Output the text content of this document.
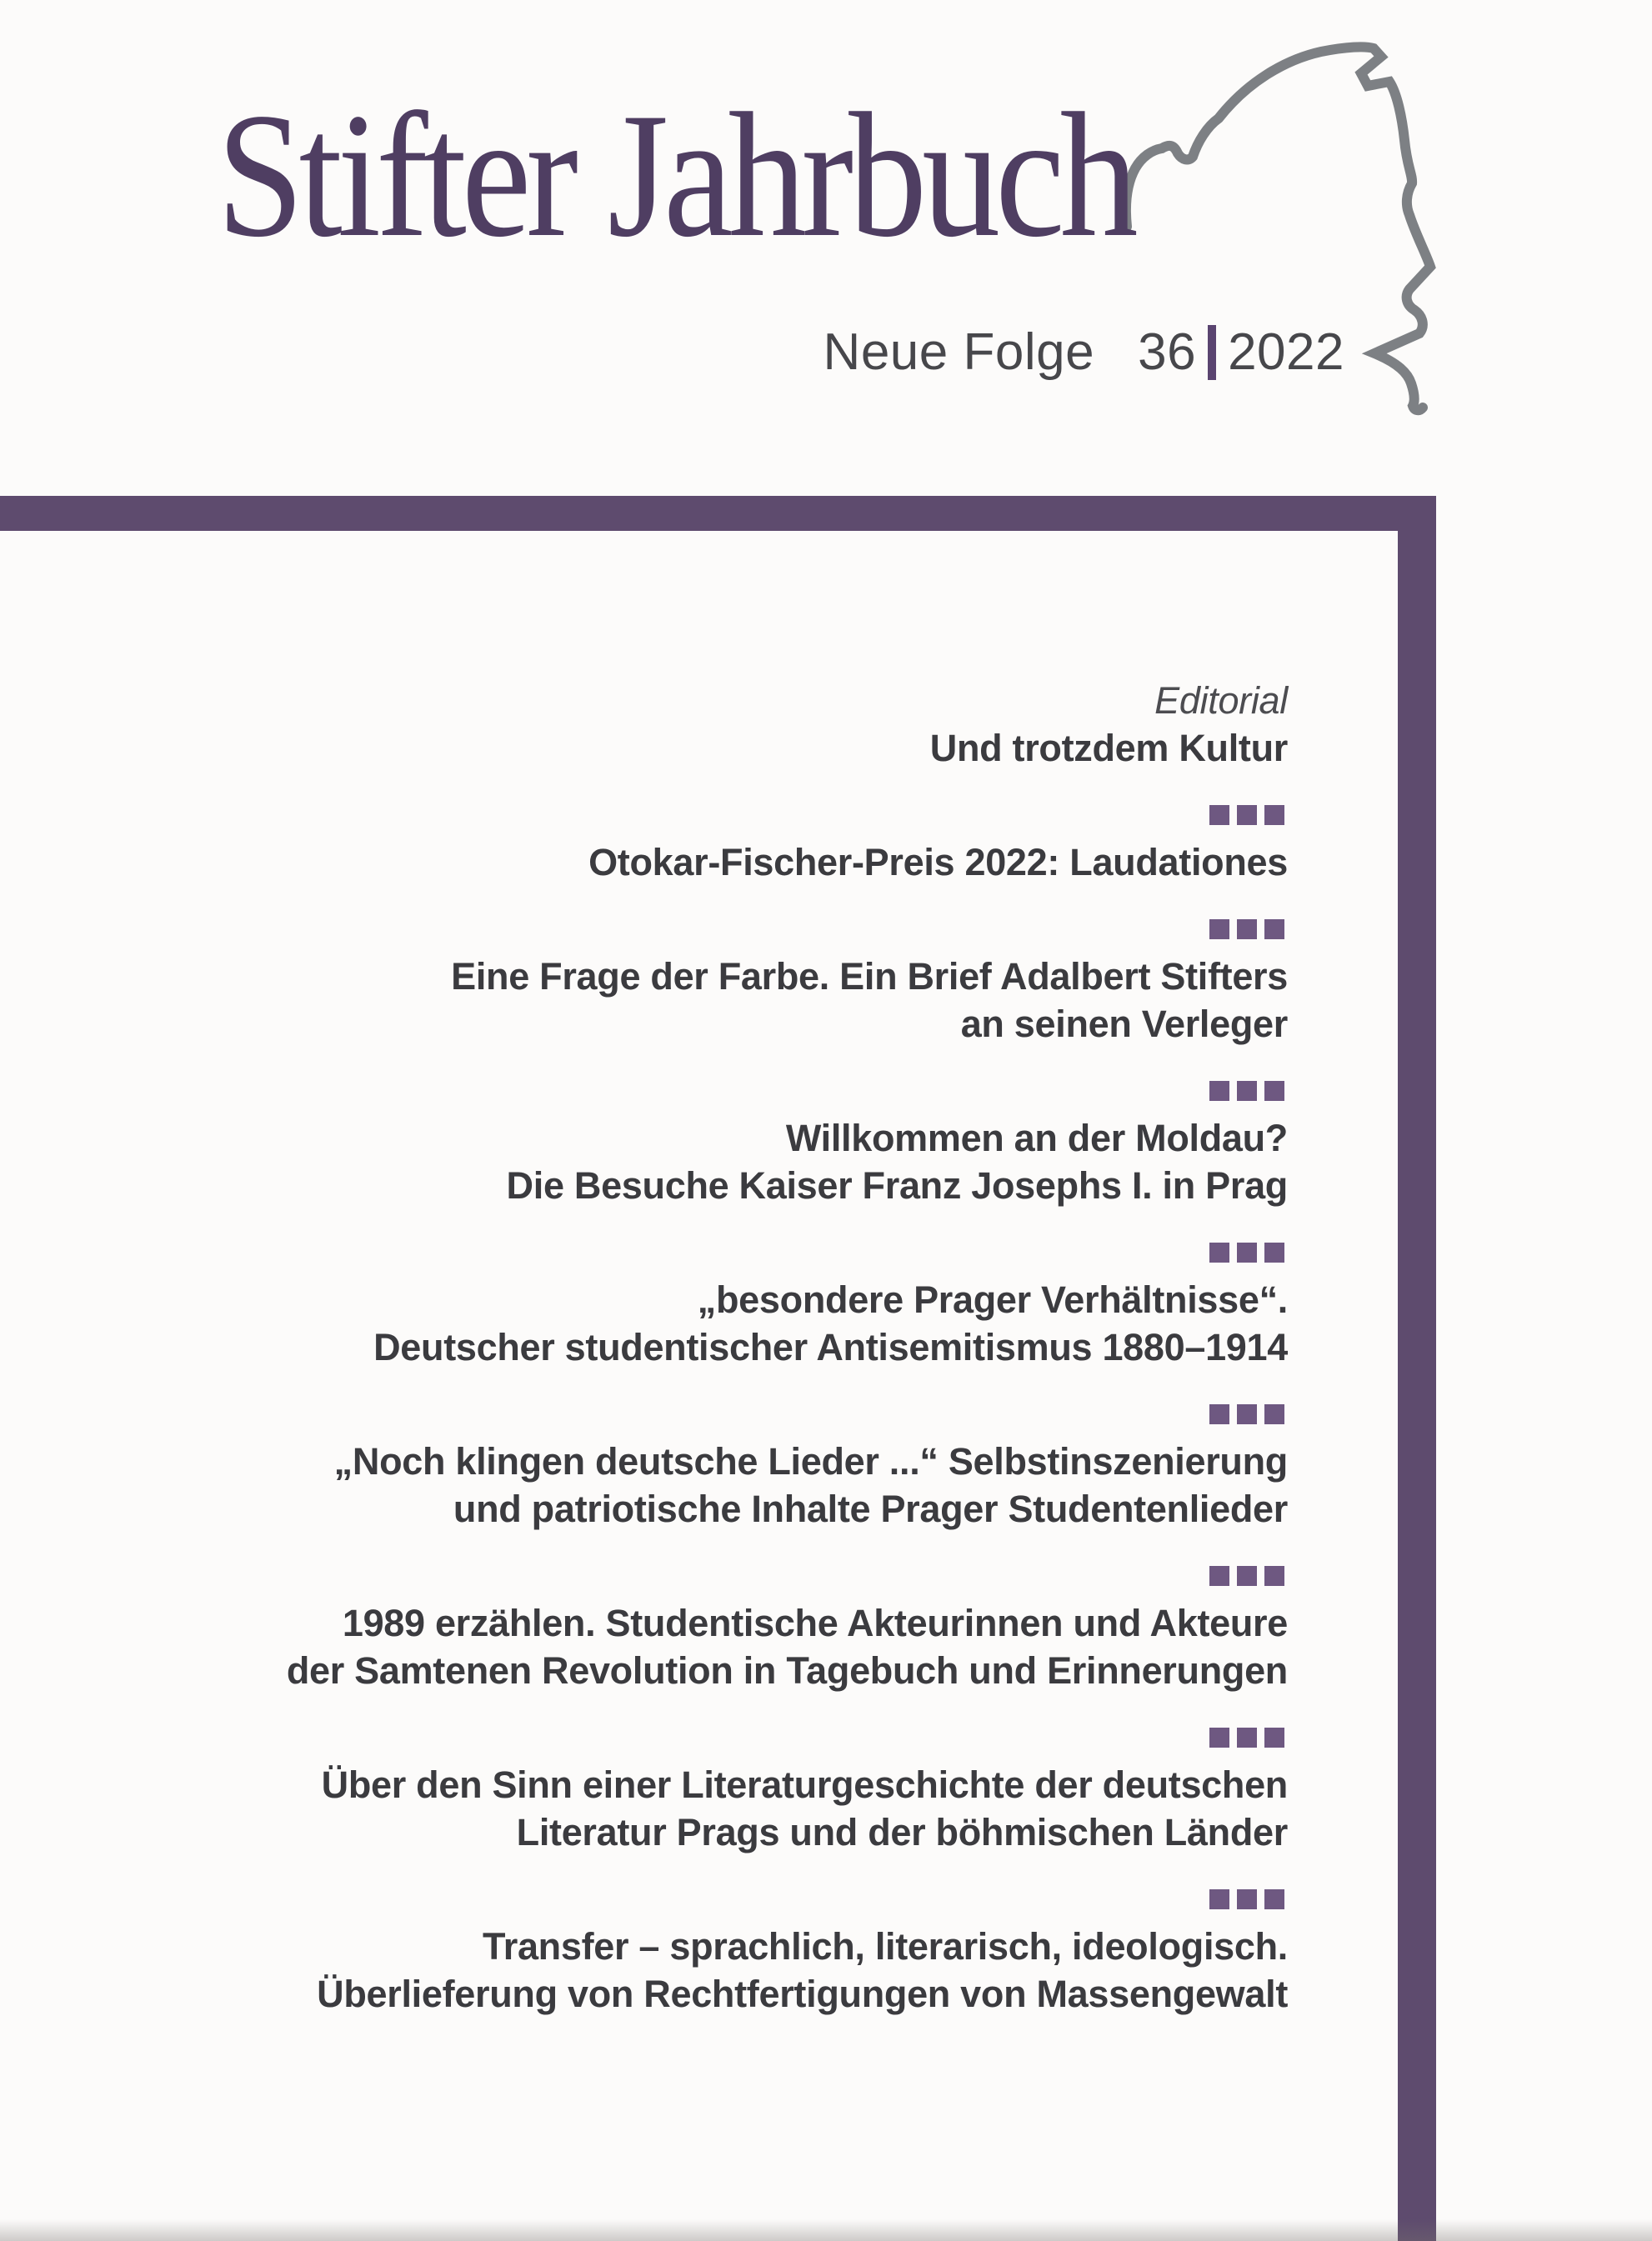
Stifter Jahrbuch
Neue Folge 36 2022
Editorial
Und trotzdem Kultur
Otokar-Fischer-Preis 2022: Laudationes
Eine Frage der Farbe. Ein Brief Adalbert Stifters
an seinen Verleger
Willkommen an der Moldau?
Die Besuche Kaiser Franz Josephs I. in Prag
„besondere Prager Verhältnisse“.
Deutscher studentischer Antisemitismus 1880–1914
„Noch klingen deutsche Lieder ...“ Selbstinszenierung
und patriotische Inhalte Prager Studentenlieder
1989 erzählen. Studentische Akteurinnen und Akteure
der Samtenen Revolution in Tagebuch und Erinnerungen
Über den Sinn einer Literaturgeschichte der deutschen
Literatur Prags und der böhmischen Länder
Transfer – sprachlich, literarisch, ideologisch.
Überlieferung von Rechtfertigungen von Massengewalt
